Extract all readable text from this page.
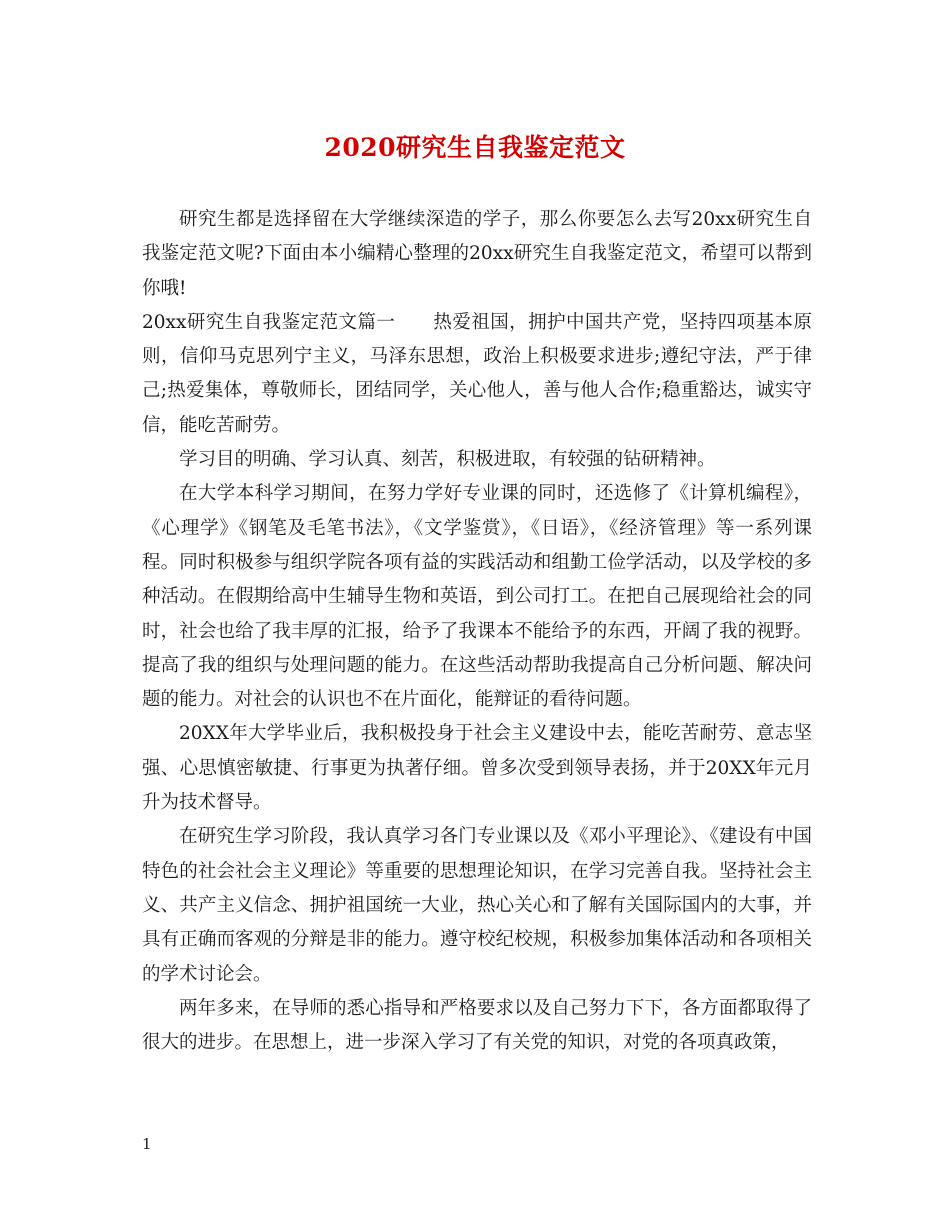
2020研究生自我鉴定范文

研究生都是选择留在大学继续深造的学子，那么你要怎么去写20xx研究生自我鉴定范文呢?下面由本小编精心整理的20xx研究生自我鉴定范文，希望可以帮到你哦!

20xx研究生自我鉴定范文篇一 热爱祖国，拥护中国共产党，坚持四项基本原则，信仰马克思列宁主义，马泽东思想，政治上积极要求进步;遵纪守法，严于律己;热爱集体，尊敬师长，团结同学，关心他人，善与他人合作;稳重豁达，诚实守信，能吃苦耐劳。

学习目的明确、学习认真、刻苦，积极进取，有较强的钻研精神。

在大学本科学习期间，在努力学好专业课的同时，还选修了《计算机编程》，《心理学》《钢笔及毛笔书法》，《文学鉴赏》，《日语》，《经济管理》等一系列课程。同时积极参与组织学院各项有益的实践活动和组勤工俭学活动，以及学校的多种活动。在假期给高中生辅导生物和英语，到公司打工。在把自己展现给社会的同时，社会也给了我丰厚的汇报，给予了我课本不能给予的东西，开阔了我的视野。提高了我的组织与处理问题的能力。在这些活动帮助我提高自己分析问题、解决问题的能力。对社会的认识也不在片面化，能辩证的看待问题。

20XX年大学毕业后，我积极投身于社会主义建设中去，能吃苦耐劳、意志坚强、心思慎密敏捷、行事更为执著仔细。曾多次受到领导表扬，并于20XX年元月升为技术督导。

在研究生学习阶段，我认真学习各门专业课以及《邓小平理论》、《建设有中国特色的社会社会主义理论》等重要的思想理论知识，在学习完善自我。坚持社会主义、共产主义信念、拥护祖国统一大业，热心关心和了解有关国际国内的大事，并具有正确而客观的分辩是非的能力。遵守校纪校规，积极参加集体活动和各项相关的学术讨论会。

两年多来，在导师的悉心指导和严格要求以及自己努力下下，各方面都取得了很大的进步。在思想上，进一步深入学习了有关党的知识，对党的各项真政策，

1
